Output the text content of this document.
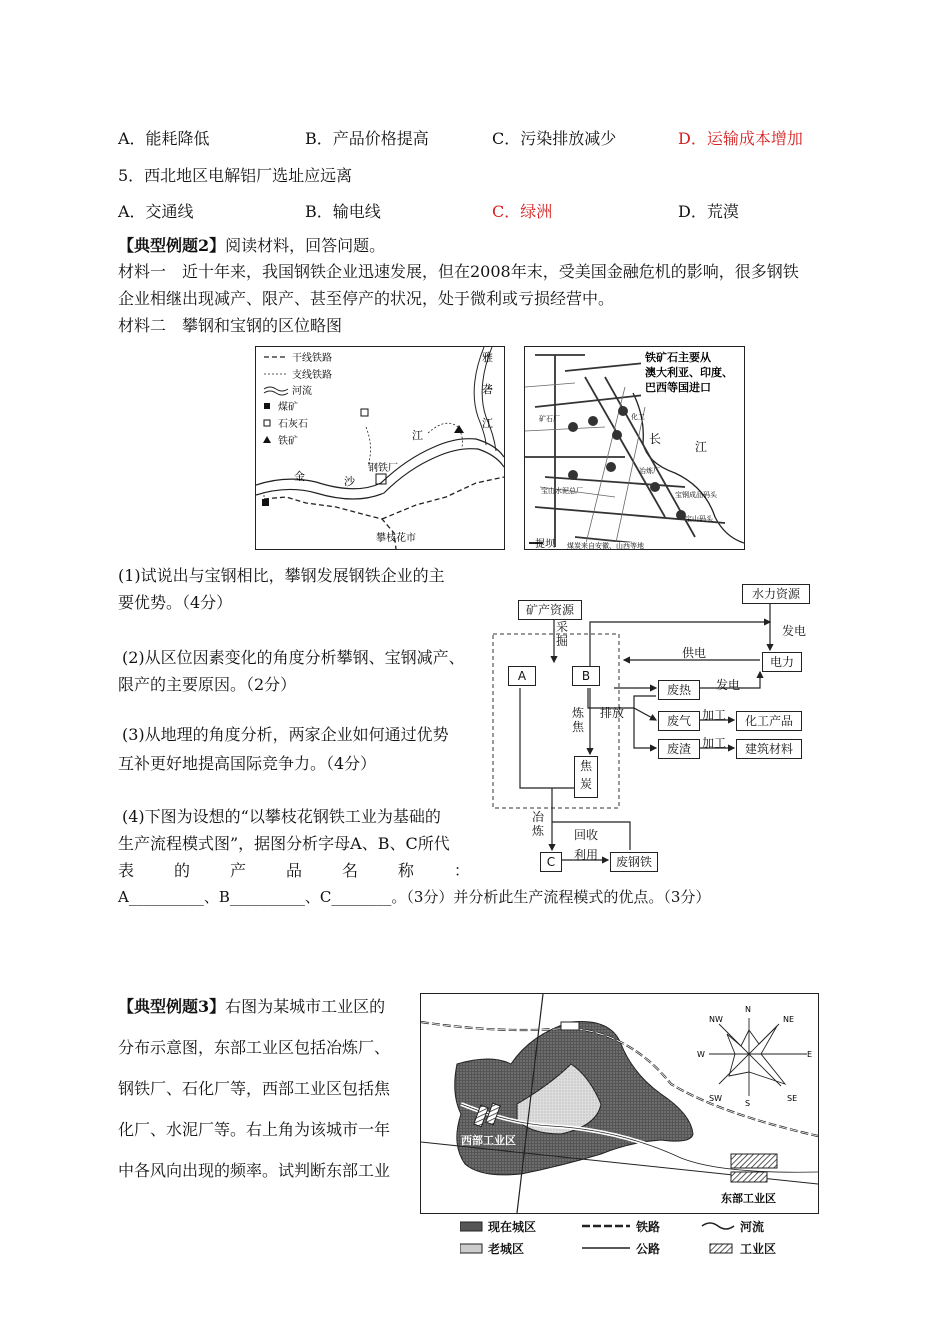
A．能耗降低	B．产品价格提高	C．污染排放减少	D．运输成本增加
5．西北地区电解铝厂选址应远离
A．交通线	B．输电线	C．绿洲	D．荒漠
【典型例题2】阅读材料，回答问题。
材料一　近十年来，我国钢铁企业迅速发展，但在2008年末，受美国金融危机的影响，很多钢铁
企业相继出现减产、限产、甚至停产的状况，处于微利或亏损经营中。
材料二　攀钢和宝钢的区位略图
干线铁路
支线铁路
河流
煤矿
石灰石
铁矿
金	沙
江
钢铁厂
攀枝花市
雅
砻
江
铁矿石主要从
澳大利亚、印度、
巴西等国进口
长
江
矿石厂
宝山水泥总厂
化工
冶炼厂
宝钢成品码头
宝山码头
煤炭来自安徽、山西等地
提坝
(1)试说出与宝钢相比，攀钢发展钢铁企业的主
要优势。（4分）
(2)从区位因素变化的角度分析攀钢、宝钢减产、
限产的主要原因。（2分）
(3)从地理的角度分析，两家企业如何通过优势
互补更好地提高国际竞争力。（4分）
(4)下图为设想的“以攀枝花钢铁工业为基础的
生产流程模式图”，据图分析字母A、B、C所代
表 的 产 品 名 称 ：
A__________、B__________、C________。（3分）并分析此生产流程模式的优点。（3分）
矿产资源
采
掘
水力资源
发电
供电
电力
A	B
废热	发电
炼
焦
排放
废气 加工	化工产品
废渣 加工	建筑材料
焦
炭
冶
炼 回收
利用
C	废钢铁
【典型例题3】右图为某城市工业区的
分布示意图，东部工业区包括冶炼厂、
钢铁厂、石化厂等，西部工业区包括焦
化厂、水泥厂等。右上角为该城市一年
中各风向出现的频率。试判断东部工业
西部工业区
东部工业区
N
NE
E
SE
S
SW
W
NW
现在城区	铁路	河流
老城区	公路	工业区
